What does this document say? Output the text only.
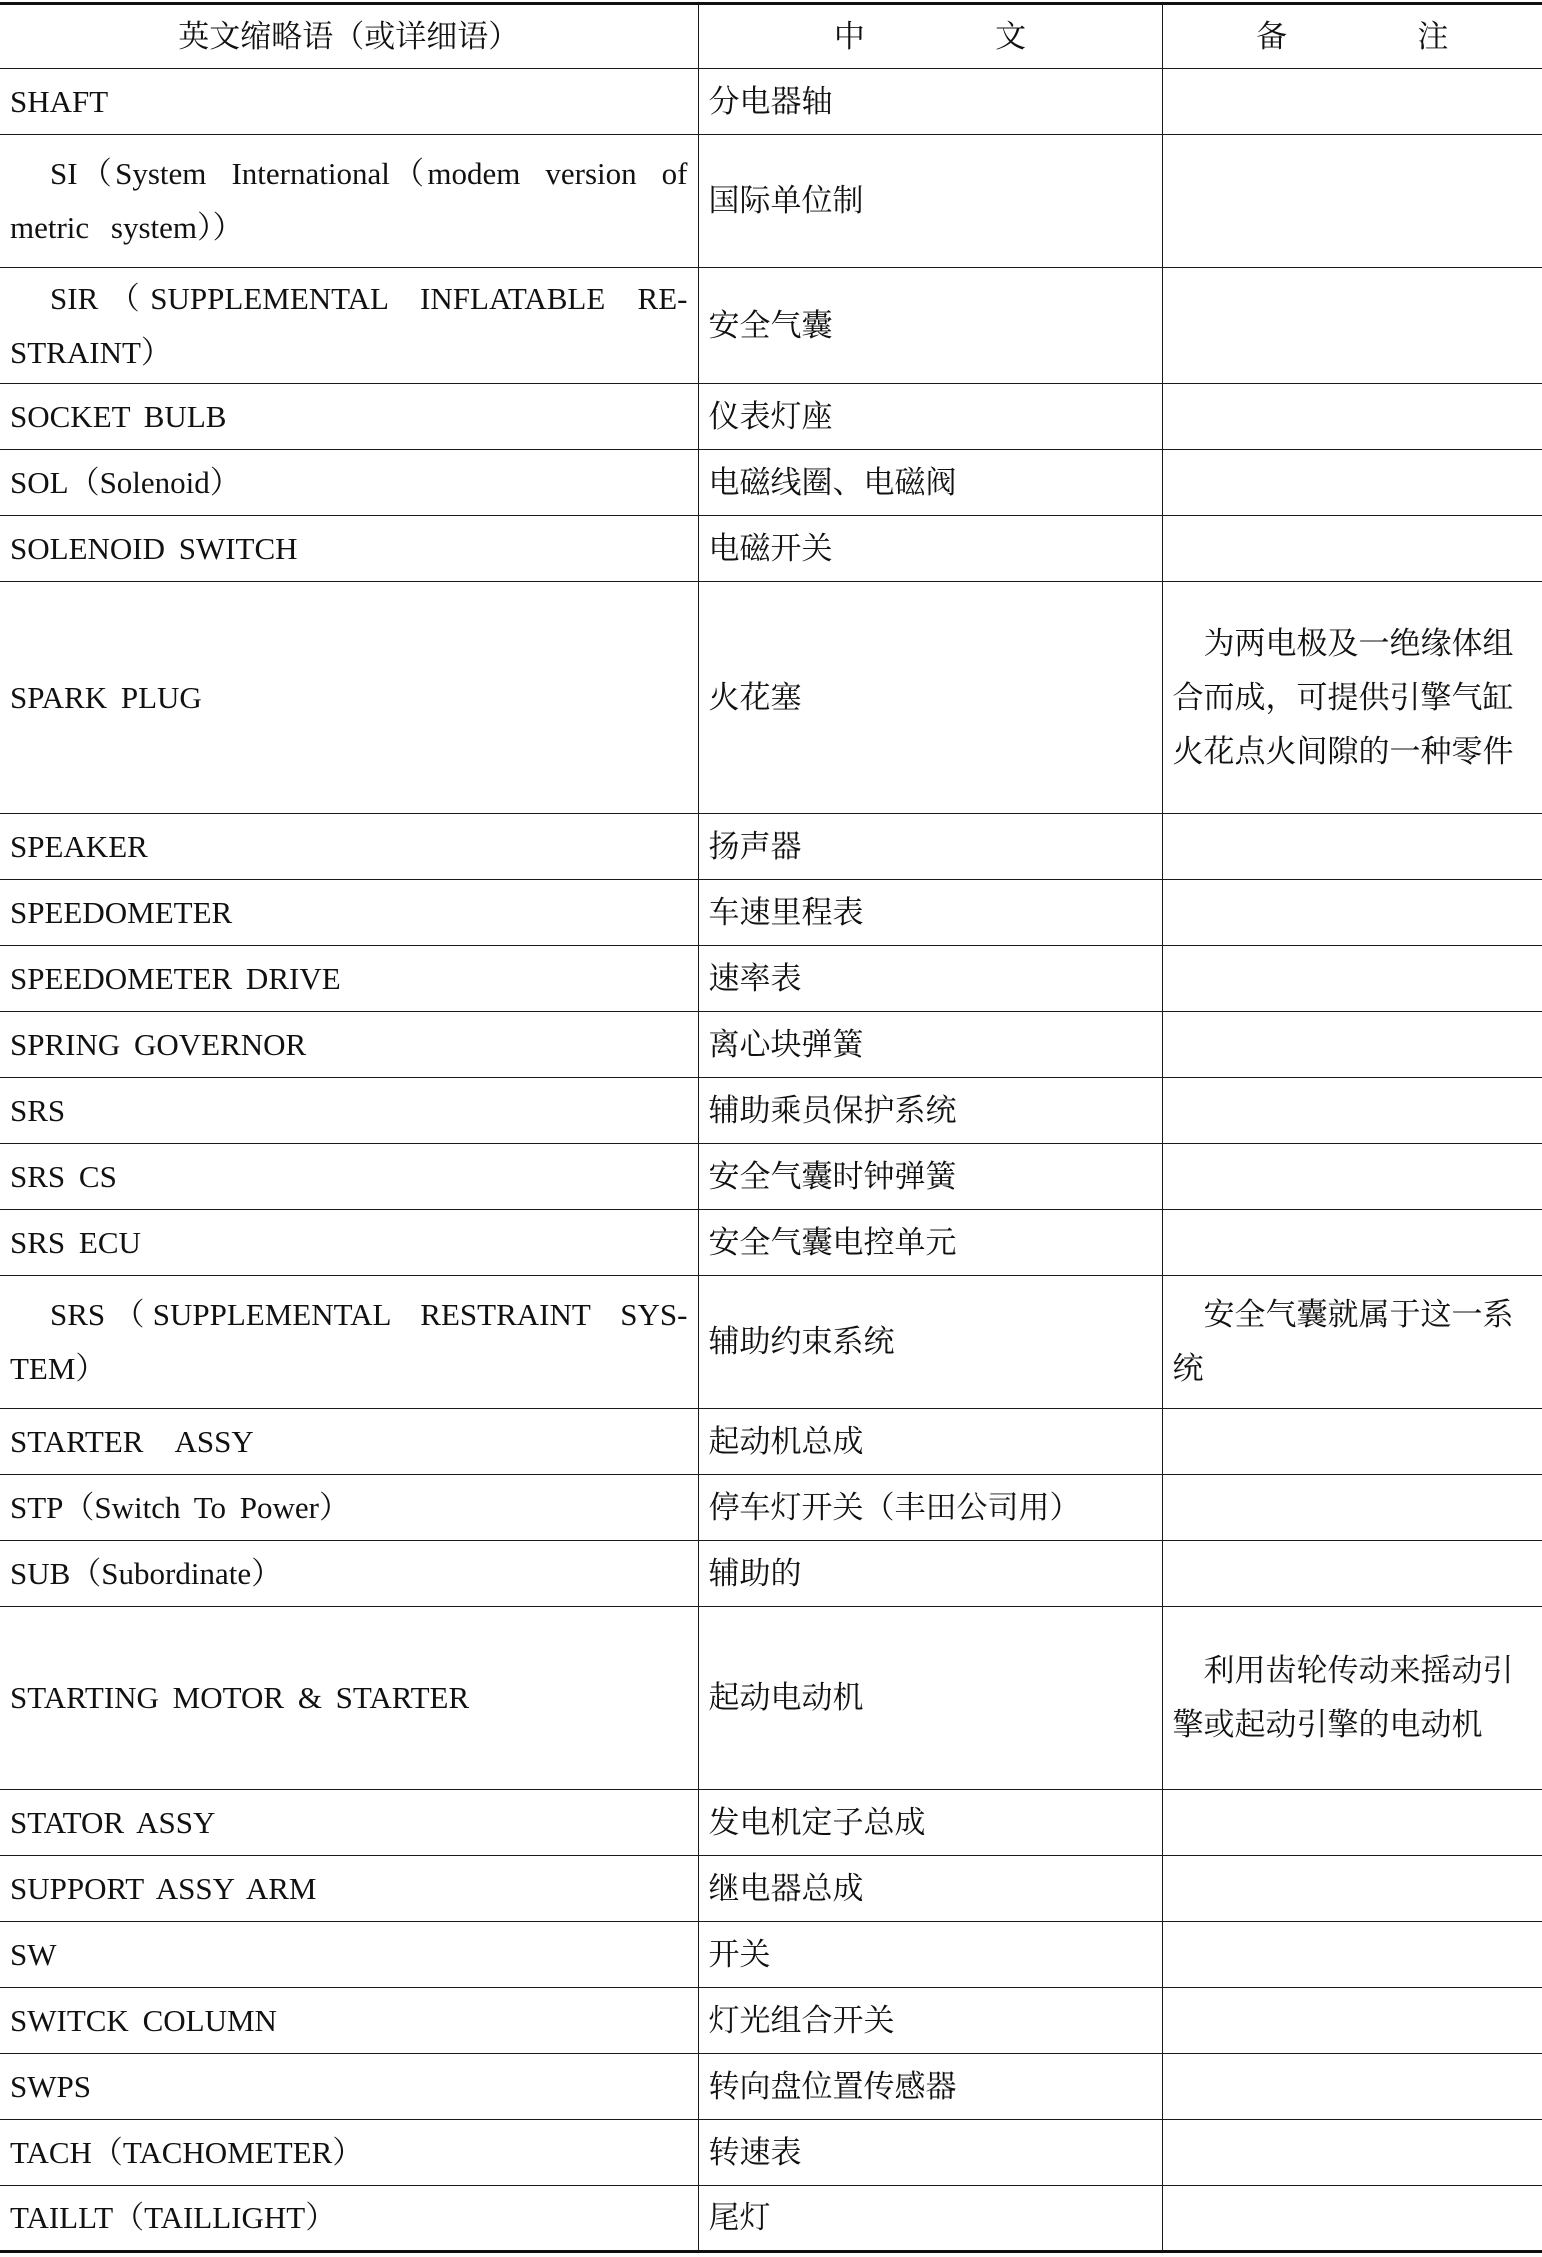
英文缩略语（或详细语）	中　文	备　注
SHAFT	分电器轴	
SI（System International（modem version of metric system））	国际单位制	
SIR（SUPPLEMENTAL INFLATABLE RE-STRAINT）	安全气囊	
SOCKET BULB	仪表灯座	
SOL（Solenoid）	电磁线圈、电磁阀	
SOLENOID SWITCH	电磁开关	
SPARK PLUG	火花塞	为两电极及一绝缘体组合而成，可提供引擎气缸火花点火间隙的一种零件
SPEAKER	扬声器	
SPEEDOMETER	车速里程表	
SPEEDOMETER DRIVE	速率表	
SPRING GOVERNOR	离心块弹簧	
SRS	辅助乘员保护系统	
SRS CS	安全气囊时钟弹簧	
SRS ECU	安全气囊电控单元	
SRS（SUPPLEMENTAL RESTRAINT SYS-TEM）	辅助约束系统	安全气囊就属于这一系统
STARTER　ASSY	起动机总成	
STP（Switch To Power）	停车灯开关（丰田公司用）	
SUB（Subordinate）	辅助的	
STARTING MOTOR & STARTER	起动电动机	利用齿轮传动来摇动引擎或起动引擎的电动机
STATOR ASSY	发电机定子总成	
SUPPORT ASSY ARM	继电器总成	
SW	开关	
SWITCK COLUMN	灯光组合开关	
SWPS	转向盘位置传感器	
TACH（TACHOMETER）	转速表	
TAILLT（TAILLIGHT）	尾灯	
